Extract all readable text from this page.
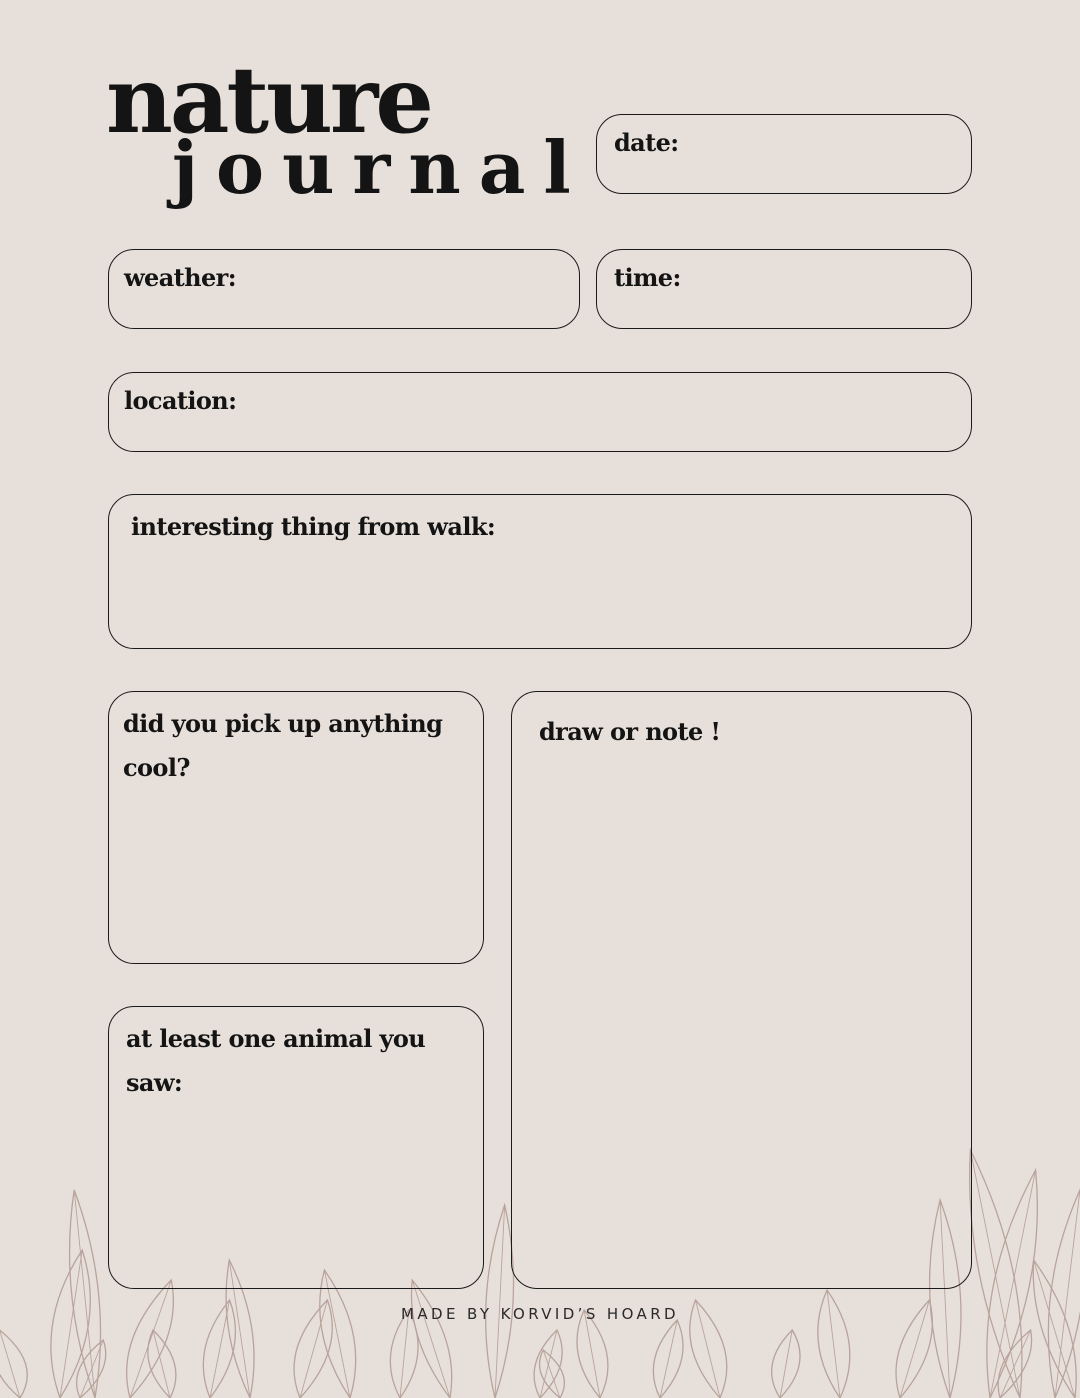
nature
journal date:
weather:	time:
location:
interesting thing from walk:
did you pick up anything cool?
at least one animal you saw:
draw or note !
MADE BY KORVID’S HOARD
